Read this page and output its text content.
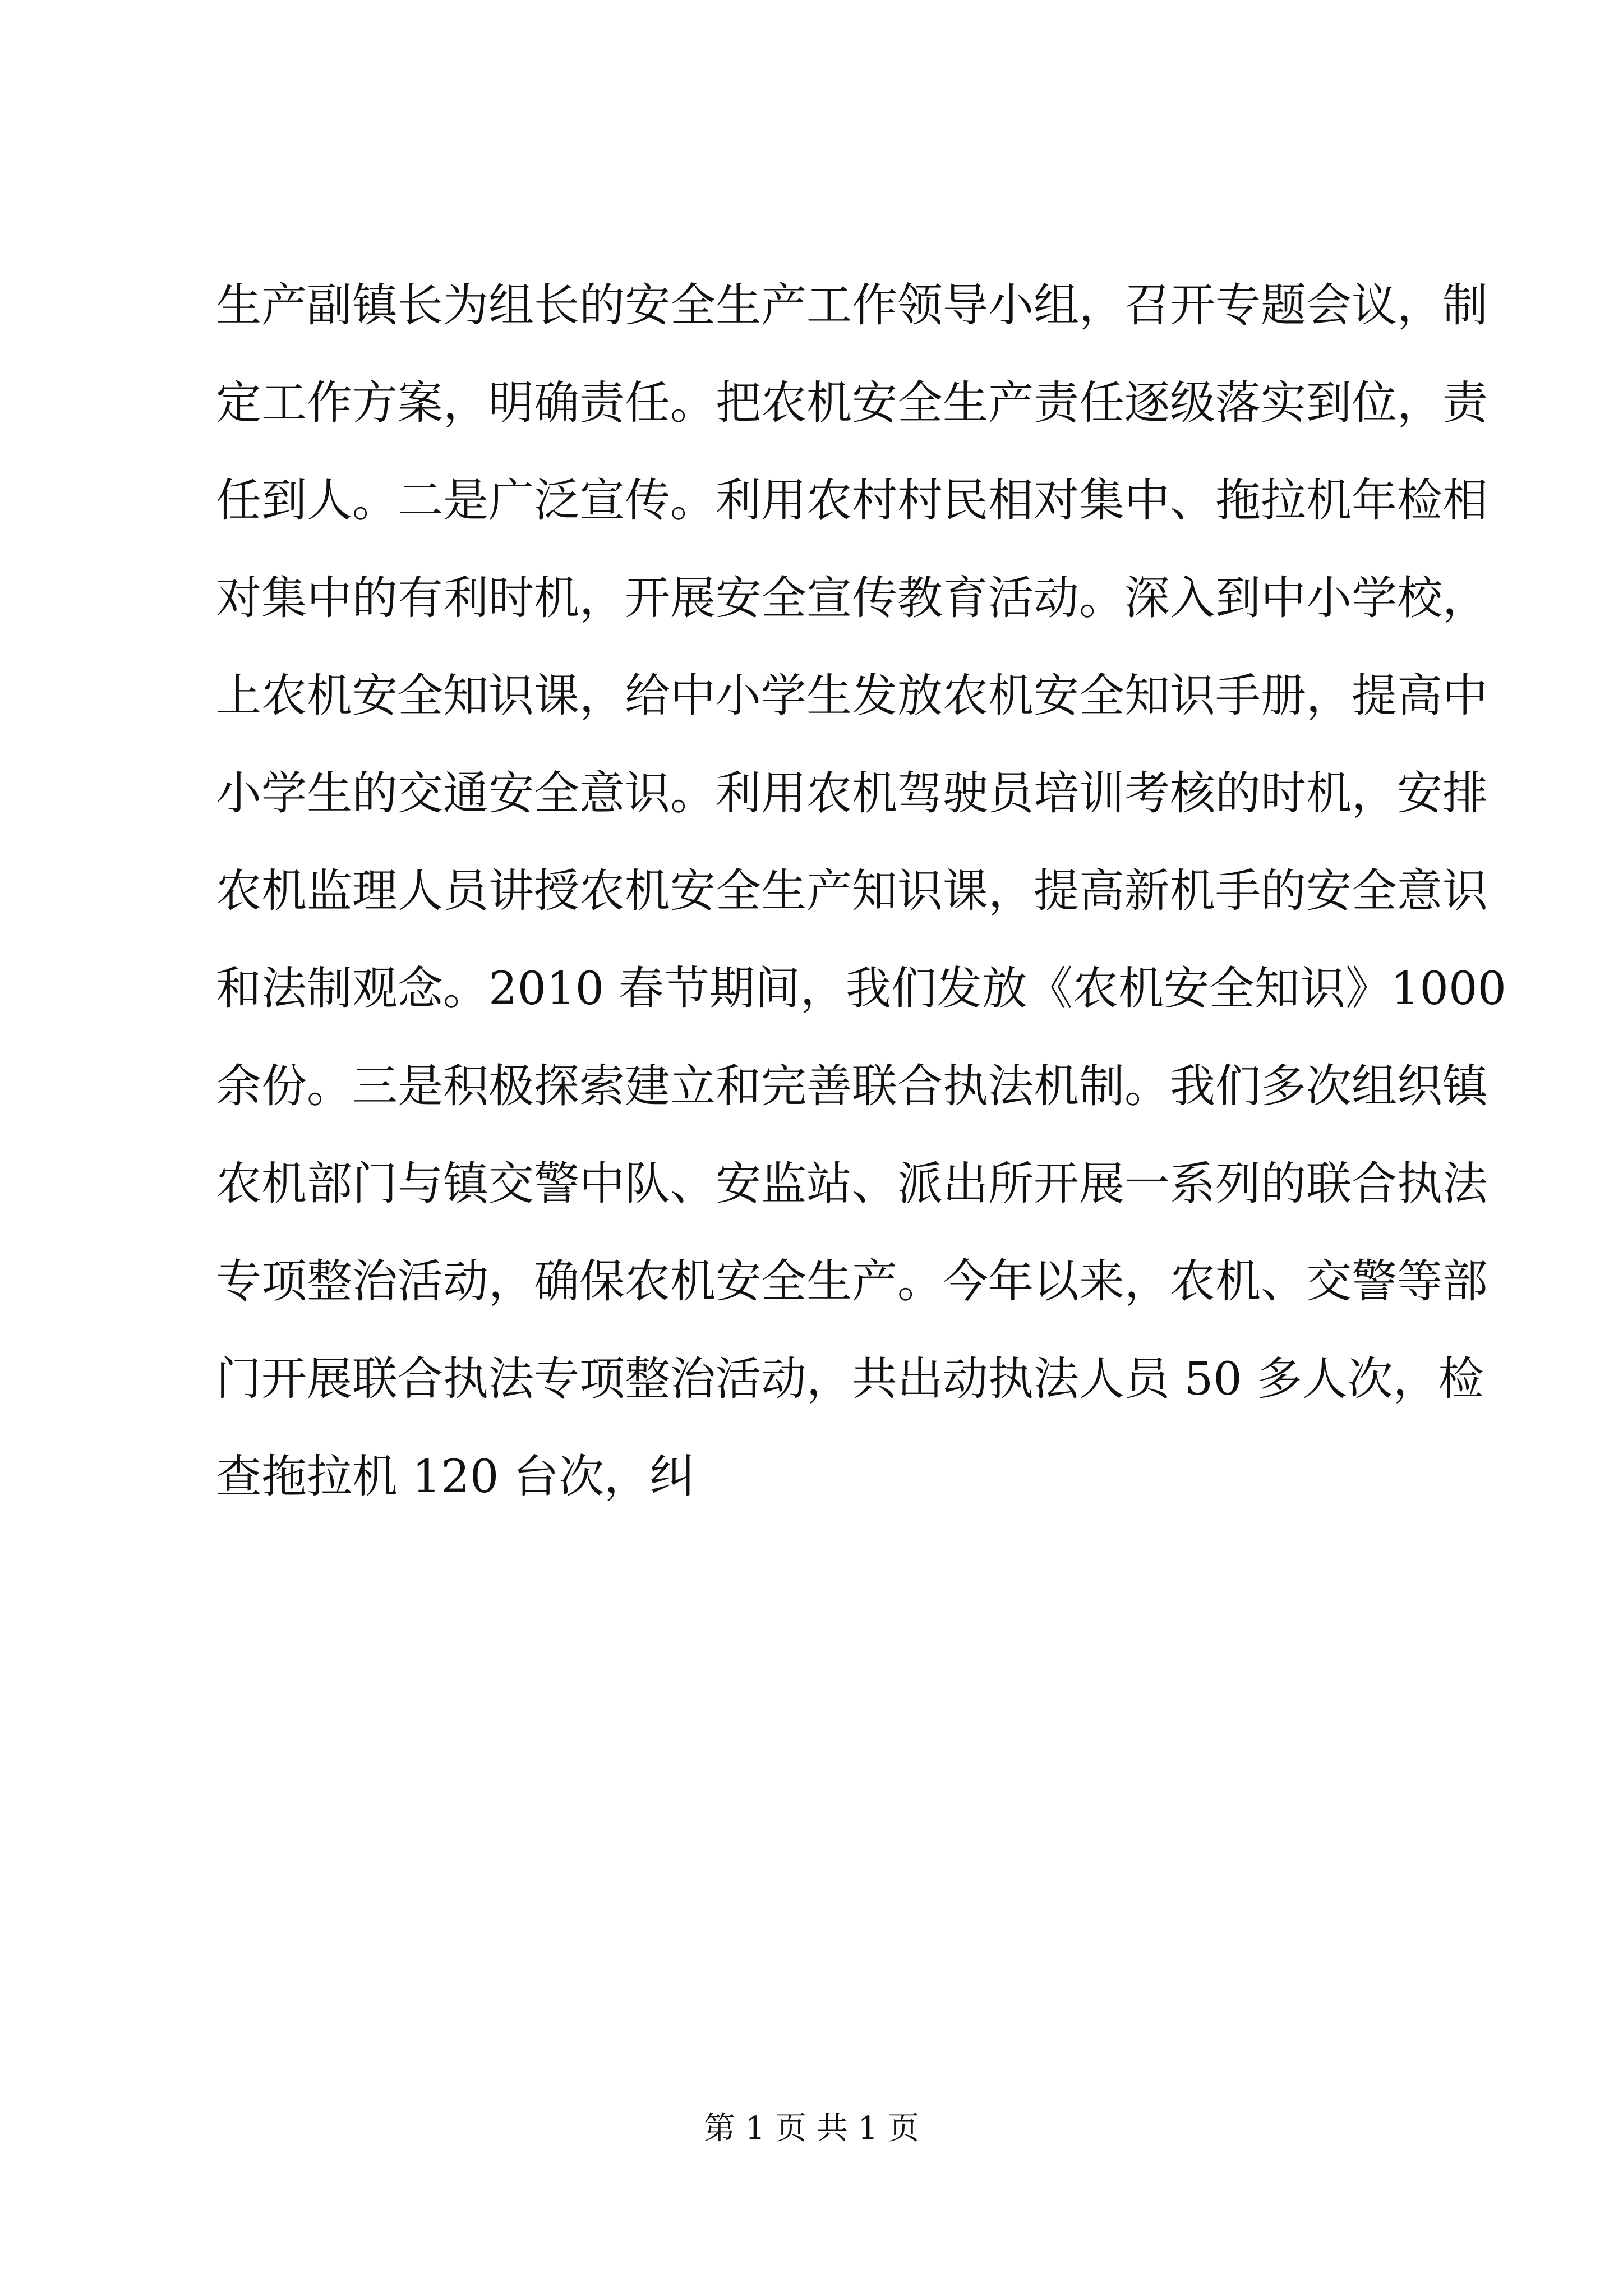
生产副镇长为组长的安全生产工作领导小组，召开专题会议，制
定工作方案，明确责任。把农机安全生产责任逐级落实到位，责
任到人。二是广泛宣传。利用农村村民相对集中、拖拉机年检相
对集中的有利时机，开展安全宣传教育活动。深入到中小学校，
上农机安全知识课，给中小学生发放农机安全知识手册，提高中
小学生的交通安全意识。利用农机驾驶员培训考核的时机，安排
农机监理人员讲授农机安全生产知识课，提高新机手的安全意识
和法制观念。2010 春节期间，我们发放《农机安全知识》1000
余份。三是积极探索建立和完善联合执法机制。我们多次组织镇
农机部门与镇交警中队、安监站、派出所开展一系列的联合执法
专项整治活动，确保农机安全生产。今年以来，农机、交警等部
门开展联合执法专项整治活动，共出动执法人员 50 多人次，检
查拖拉机 120 台次，纠
第 1 页 共 1 页
